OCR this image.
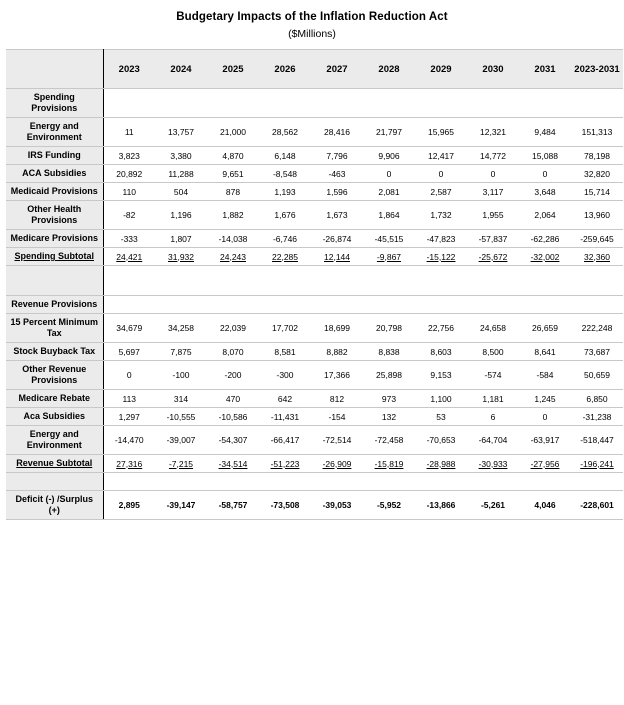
Budgetary Impacts of the Inflation Reduction Act
($Millions)
	2023	2024	2025	2026	2027	2028	2029	2030	2031	2023-2031
Spending Provisions										
Energy and Environment	11	13,757	21,000	28,562	28,416	21,797	15,965	12,321	9,484	151,313
IRS Funding	3,823	3,380	4,870	6,148	7,796	9,906	12,417	14,772	15,088	78,198
ACA Subsidies	20,892	11,288	9,651	-8,548	-463	0	0	0	0	32,820
Medicaid Provisions	110	504	878	1,193	1,596	2,081	2,587	3,117	3,648	15,714
Other Health Provisions	-82	1,196	1,882	1,676	1,673	1,864	1,732	1,955	2,064	13,960
Medicare Provisions	-333	1,807	-14,038	-6,746	-26,874	-45,515	-47,823	-57,837	-62,286	-259,645
Spending Subtotal	24,421	31,932	24,243	22,285	12,144	-9,867	-15,122	-25,672	-32,002	32,360

Revenue Provisions										
15 Percent Minimum Tax	34,679	34,258	22,039	17,702	18,699	20,798	22,756	24,658	26,659	222,248
Stock Buyback Tax	5,697	7,875	8,070	8,581	8,882	8,838	8,603	8,500	8,641	73,687
Other Revenue Provisions	0	-100	-200	-300	17,366	25,898	9,153	-574	-584	50,659
Medicare Rebate	113	314	470	642	812	973	1,100	1,181	1,245	6,850
Aca Subsidies	1,297	-10,555	-10,586	-11,431	-154	132	53	6	0	-31,238
Energy and Environment	-14,470	-39,007	-54,307	-66,417	-72,514	-72,458	-70,653	-64,704	-63,917	-518,447
Revenue Subtotal	27,316	-7,215	-34,514	-51,223	-26,909	-15,819	-28,988	-30,933	-27,956	-196,241

Deficit (-) /Surplus (+)	2,895	-39,147	-58,757	-73,508	-39,053	-5,952	-13,866	-5,261	4,046	-228,601
